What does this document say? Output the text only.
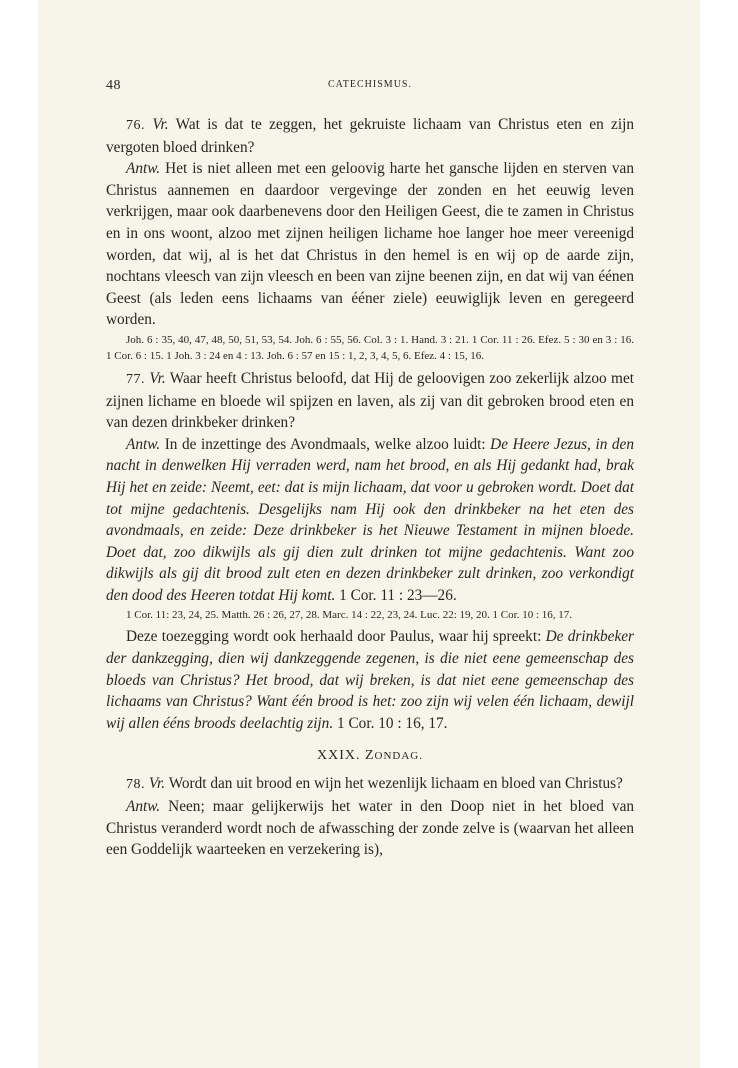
48	CATECHISMUS.

76. Vr. Wat is dat te zeggen, het gekruiste lichaam van Christus eten en zijn vergoten bloed drinken?

Antw. Het is niet alleen met een geloovig harte het gansche lijden en sterven van Christus aannemen en daardoor vergevinge der zonden en het eeuwig leven verkrijgen, maar ook daarbenevens door den Heiligen Geest, die te zamen in Christus en in ons woont, alzoo met zijnen heiligen lichame hoe langer hoe meer vereenigd worden, dat wij, al is het dat Christus in den hemel is en wij op de aarde zijn, nochtans vleesch van zijn vleesch en been van zijne beenen zijn, en dat wij van éénen Geest (als leden eens lichaams van ééner ziele) eeuwiglijk leven en geregeerd worden.

Joh. 6 : 35, 40, 47, 48, 50, 51, 53, 54. Joh. 6 : 55, 56. Col. 3 : 1. Hand. 3 : 21. 1 Cor. 11 : 26. Efez. 5 : 30 en 3 : 16. 1 Cor. 6 : 15. 1 Joh. 3 : 24 en 4 : 13. Joh. 6 : 57 en 15 : 1, 2, 3, 4, 5, 6. Efez. 4 : 15, 16.

77. Vr. Waar heeft Christus beloofd, dat Hij de geloovigen zoo zekerlijk alzoo met zijnen lichame en bloede wil spijzen en laven, als zij van dit gebroken brood eten en van dezen drinkbeker drinken?

Antw. In de inzettinge des Avondmaals, welke alzoo luidt: De Heere Jezus, in den nacht in denwelken Hij verraden werd, nam het brood, en als Hij gedankt had, brak Hij het en zeide: Neemt, eet: dat is mijn lichaam, dat voor u gebroken wordt. Doet dat tot mijne gedachtenis. Desgelijks nam Hij ook den drinkbeker na het eten des avondmaals, en zeide: Deze drinkbeker is het Nieuwe Testament in mijnen bloede. Doet dat, zoo dikwijls als gij dien zult drinken tot mijne gedachtenis. Want zoo dikwijls als gij dit brood zult eten en dezen drinkbeker zult drinken, zoo verkondigt den dood des Heeren totdat Hij komt. 1 Cor. 11 : 23—26.

1 Cor. 11: 23, 24, 25. Matth. 26 : 26, 27, 28. Marc. 14 : 22, 23, 24. Luc. 22: 19, 20. 1 Cor. 10 : 16, 17.

Deze toezegging wordt ook herhaald door Paulus, waar hij spreekt: De drinkbeker der dankzegging, dien wij dankzeggende zegenen, is die niet eene gemeenschap des bloeds van Christus? Het brood, dat wij breken, is dat niet eene gemeenschap des lichaams van Christus? Want één brood is het: zoo zijn wij velen één lichaam, dewijl wij allen ééns broods deelachtig zijn. 1 Cor. 10 : 16, 17.

XXIX. ZONDAG.

78. Vr. Wordt dan uit brood en wijn het wezenlijk lichaam en bloed van Christus?

Antw. Neen; maar gelijkerwijs het water in den Doop niet in het bloed van Christus veranderd wordt noch de afwassching der zonde zelve is (waarvan het alleen een Goddelijk waarteeken en verzekering is),
